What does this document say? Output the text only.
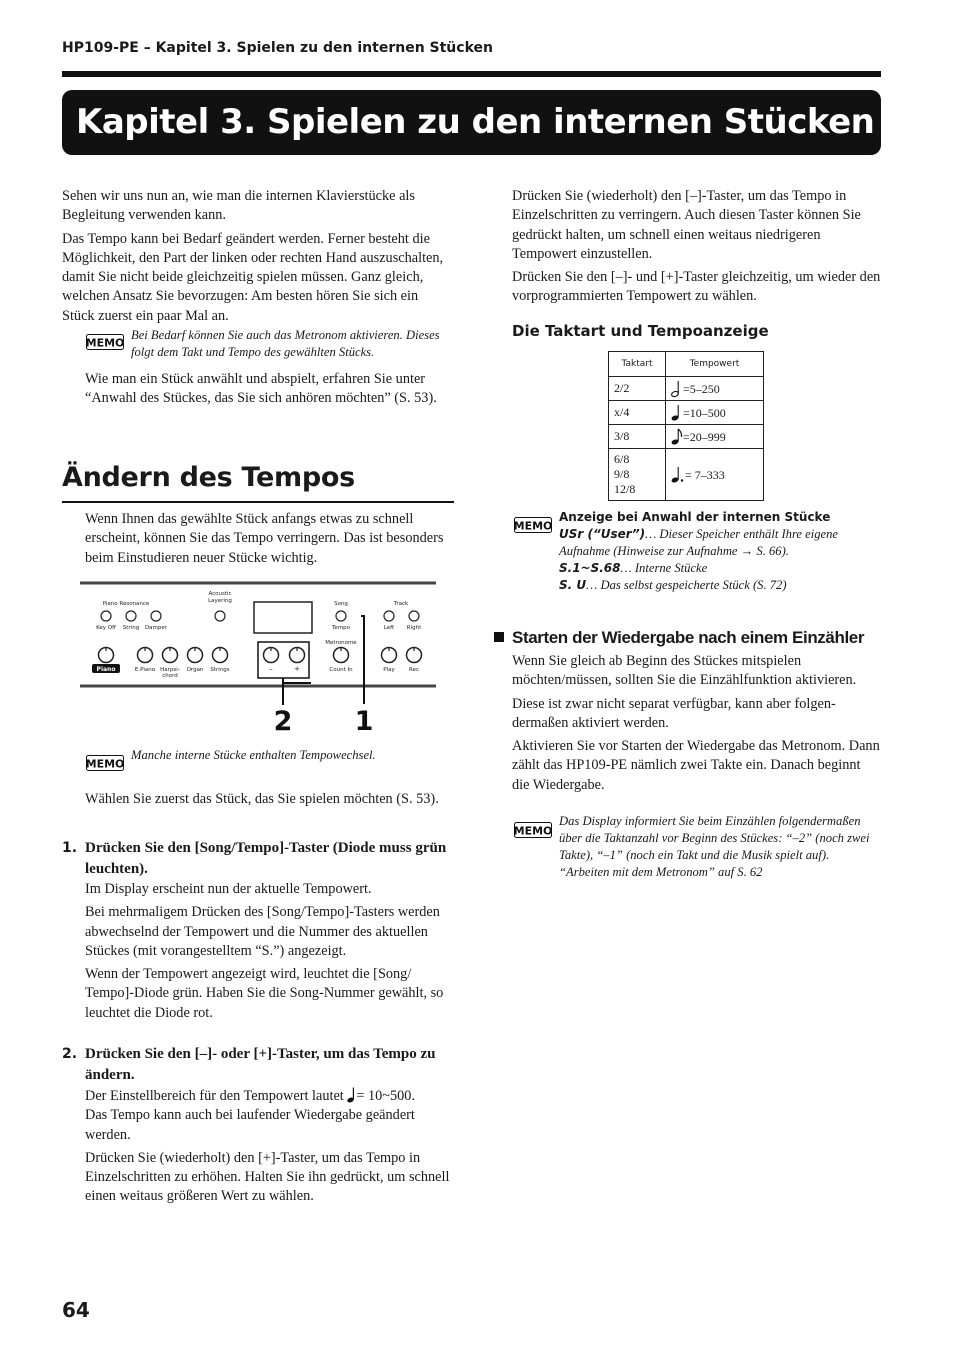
HP109-PE – Kapitel 3. Spielen zu den internen Stücken
Kapitel 3. Spielen zu den internen Stücken

Sehen wir uns nun an, wie man die internen Klavierstücke als Begleitung verwenden kann.

Das Tempo kann bei Bedarf geändert werden. Ferner besteht die Möglichkeit, den Part der linken oder rechten Hand auszuschalten, damit Sie nicht beide gleichzeitig spielen müssen. Ganz gleich, welchen Ansatz Sie bevorzugen: Am besten hören Sie sich ein Stück zuerst ein paar Mal an.

MEMO

Bei Bedarf können Sie auch das Metronom aktivieren. Dieses folgt dem Takt und Tempo des gewählten Stücks.

Wie man ein Stück anwählt und abspielt, erfahren Sie unter “Anwahl des Stückes, das Sie sich anhören möchten” (S. 53).

Ändern des Tempos

Wenn Ihnen das gewählte Stück anfangs etwas zu schnell erscheint, können Sie das Tempo verringern. Das ist besonders beim Einstudieren neuer Stücke wichtig.

Piano Resonance
Acoustic
Layering	Song	Track
Key Off String Damper	Tempo	Left Right
Metronome
E.Piano Harpsi-
chord
Organ Strings	Count In	Play	Rec
–	+
Piano
2 1
MEMO

Manche interne Stücke enthalten Tempowechsel.

Wählen Sie zuerst das Stück, das Sie spielen möchten (S. 53).

1. Drücken Sie den [Song/Tempo]-Taster (Diode muss grün leuchten).

Im Display erscheint nun der aktuelle Tempowert.

Bei mehrmaligem Drücken des [Song/Tempo]-Tasters werden abwechselnd der Tempowert und die Nummer des aktuellen Stückes (mit vorangestelltem “S.”) angezeigt.

Wenn der Tempowert angezeigt wird, leuchtet die [Song/ Tempo]-Diode grün. Haben Sie die Song-Nummer gewählt, so leuchtet die Diode rot.

2. Drücken Sie den [–]- oder [+]-Taster, um das Tempo zu ändern.

Der Einstellbereich für den Tempowert lautet = 10~500.
Das Tempo kann auch bei laufender Wiedergabe geändert werden.

Drücken Sie (wiederholt) den [+]-Taster, um das Tempo in Einzelschritten zu erhöhen. Halten Sie ihn gedrückt, um schnell einen weitaus größeren Wert zu wählen.

Drücken Sie (wiederholt) den [–]-Taster, um das Tempo in Einzelschritten zu verringern. Auch diesen Taster können Sie gedrückt halten, um schnell einen weitaus niedrigeren Tempowert einzustellen.

Drücken Sie den [–]- und [+]-Taster gleichzeitig, um wieder den vorprogrammierten Tempowert zu wählen.

Die Taktart und Tempoanzeige
Taktart	Tempowert
2/2	=5–250
x/4	=10–500
3/8	=20–999
6/8
9/8
12/8	= 7–333
MEMO
Anzeige bei Anwahl der internen Stücke
USr (“User”)… Dieser Speicher enthält Ihre eigene Aufnahme (Hinweise zur Aufnahme → S. 66).
S.1~S.68… Interne Stücke
S. U… Das selbst gespeicherte Stück (S. 72)
Starten der Wiedergabe nach einem Einzähler

Wenn Sie gleich ab Beginn des Stückes mitspielen möchten/müssen, sollten Sie die Einzählfunktion aktivieren.

Diese ist zwar nicht separat verfügbar, kann aber folgendermaßen aktiviert werden.

Aktivieren Sie vor Starten der Wiedergabe das Metronom. Dann zählt das HP109-PE nämlich zwei Takte ein. Danach beginnt die Wiedergabe.

MEMO

Das Display informiert Sie beim Einzählen folgendermaßen über die Taktanzahl vor Beginn des Stückes: “–2” (noch zwei Takte), “–1” (noch ein Takt und die Musik spielt auf).

“Arbeiten mit dem Metronom” auf S. 62

64
